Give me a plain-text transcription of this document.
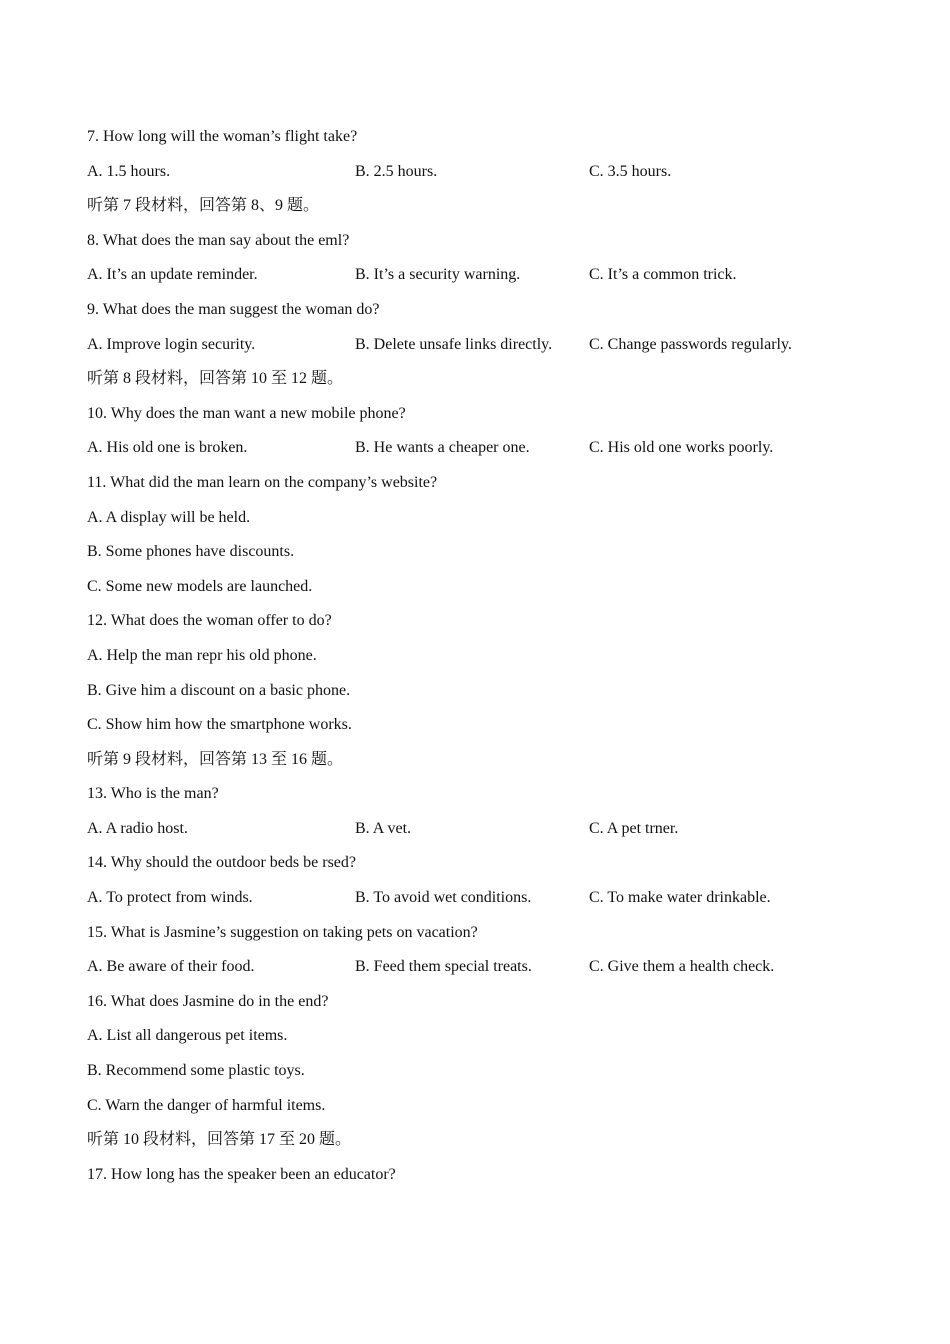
7. How long will the woman’s flight take?
A. 1.5 hours.	B. 2.5 hours.	C. 3.5 hours.
听第 7 段材料，回答第 8、9 题。
8. What does the man say about the eml?
A. It’s an update reminder.	B. It’s a security warning.	C. It’s a common trick.
9. What does the man suggest the woman do?
A. Improve login security.	B. Delete unsafe links directly.	C. Change passwords regularly.
听第 8 段材料，回答第 10 至 12 题。
10. Why does the man want a new mobile phone?
A. His old one is broken.	B. He wants a cheaper one.	C. His old one works poorly.
11. What did the man learn on the company’s website?
A. A display will be held.
B. Some phones have discounts.
C. Some new models are launched.
12. What does the woman offer to do?
A. Help the man repr his old phone.
B. Give him a discount on a basic phone.
C. Show him how the smartphone works.
听第 9 段材料，回答第 13 至 16 题。
13. Who is the man?
A. A radio host.	B. A vet.	C. A pet trner.
14. Why should the outdoor beds be rsed?
A. To protect from winds.	B. To avoid wet conditions.	C. To make water drinkable.
15. What is Jasmine’s suggestion on taking pets on vacation?
A. Be aware of their food.	B. Feed them special treats.	C. Give them a health check.
16. What does Jasmine do in the end?
A. List all dangerous pet items.
B. Recommend some plastic toys.
C. Warn the danger of harmful items.
听第 10 段材料，回答第 17 至 20 题。
17. How long has the speaker been an educator?
